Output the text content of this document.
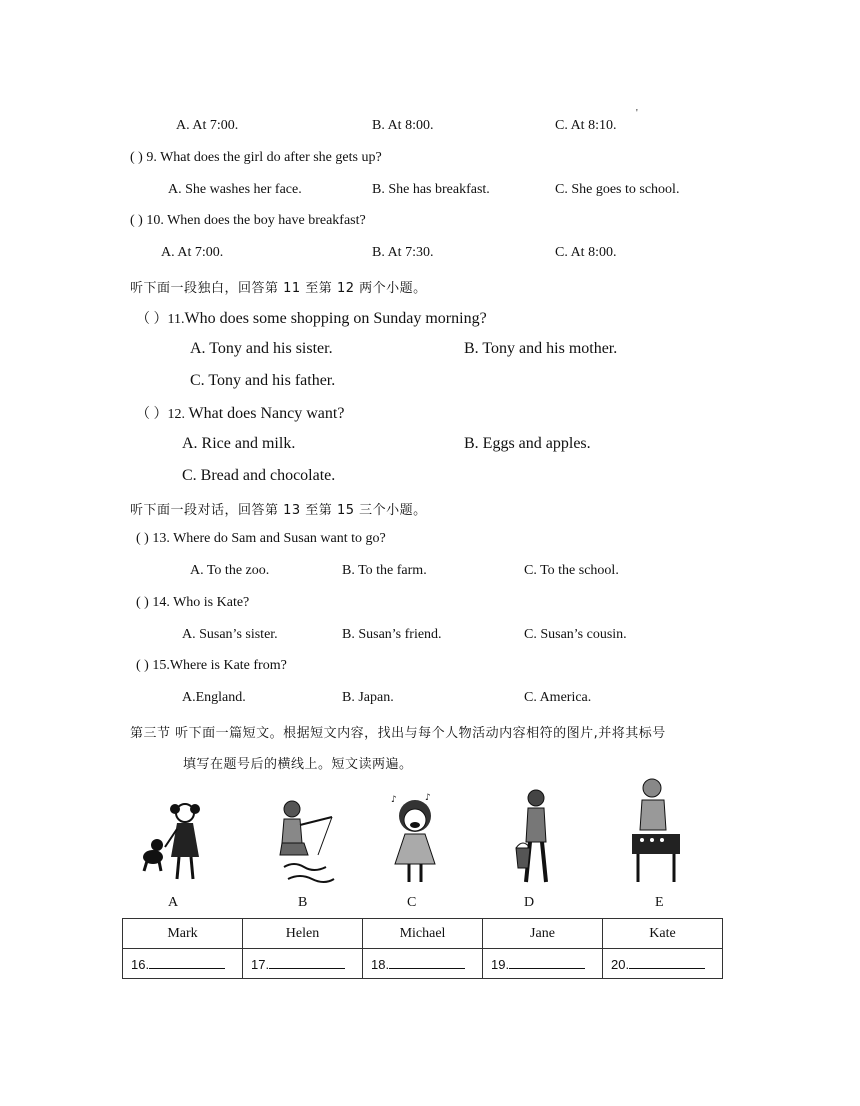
'
A. At 7:00.	B. At 8:00.	C. At 8:10.
( ) 9. What does the girl do after she gets up?
A. She washes her face.	B. She has breakfast.	C. She goes to school.
( ) 10. When does the boy have breakfast?
A. At 7:00.	B. At 7:30.	C. At 8:00.
听下面一段独白，回答第 11 至第 12 两个小题。
（ ）11.Who does some shopping on Sunday morning?
A. Tony and his sister.	B. Tony and his mother.
C. Tony and his father.
（ ）12. What does Nancy want?
A. Rice and milk.	B. Eggs and apples.
C. Bread and chocolate.
听下面一段对话，回答第 13 至第 15 三个小题。
( ) 13. Where do Sam and Susan want to go?
A. To the zoo.	B. To the farm.	C. To the school.
( ) 14. Who is Kate?
A. Susan’s sister.	B. Susan’s friend.	C. Susan’s cousin.
( ) 15.Where is Kate from?
A.England.	B. Japan.	C. America.
第三节 听下面一篇短文。根据短文内容，找出与每个人物活动内容相符的图片,并将其标号
填写在题号后的横线上。短文读两遍。
♪	♪
A	B	C	D	E
Mark	Helen	Michael	Jane	Kate
16.	17.	18.	19.	20.
